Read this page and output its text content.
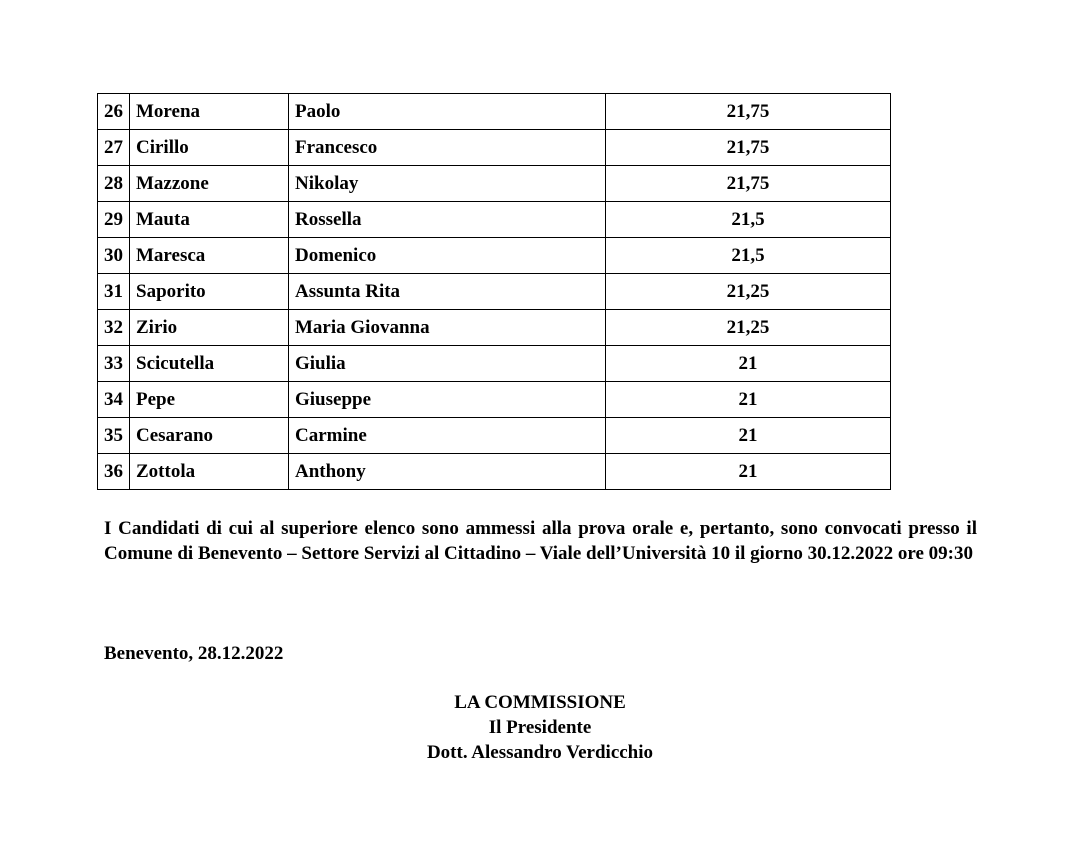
26	Morena	Paolo	21,75
27	Cirillo	Francesco	21,75
28	Mazzone	Nikolay	21,75
29	Mauta	Rossella	21,5
30	Maresca	Domenico	21,5
31	Saporito	Assunta Rita	21,25
32	Zirio	Maria Giovanna	21,25
33	Scicutella	Giulia	21
34	Pepe	Giuseppe	21
35	Cesarano	Carmine	21
36	Zottola	Anthony	21

I Candidati di cui al superiore elenco sono ammessi alla prova orale e, pertanto, sono convocati presso il Comune di Benevento – Settore Servizi al Cittadino – Viale dell’Università 10 il giorno 30.12.2022 ore 09:30

Benevento, 28.12.2022
LA COMMISSIONE
Il Presidente
Dott. Alessandro Verdicchio
